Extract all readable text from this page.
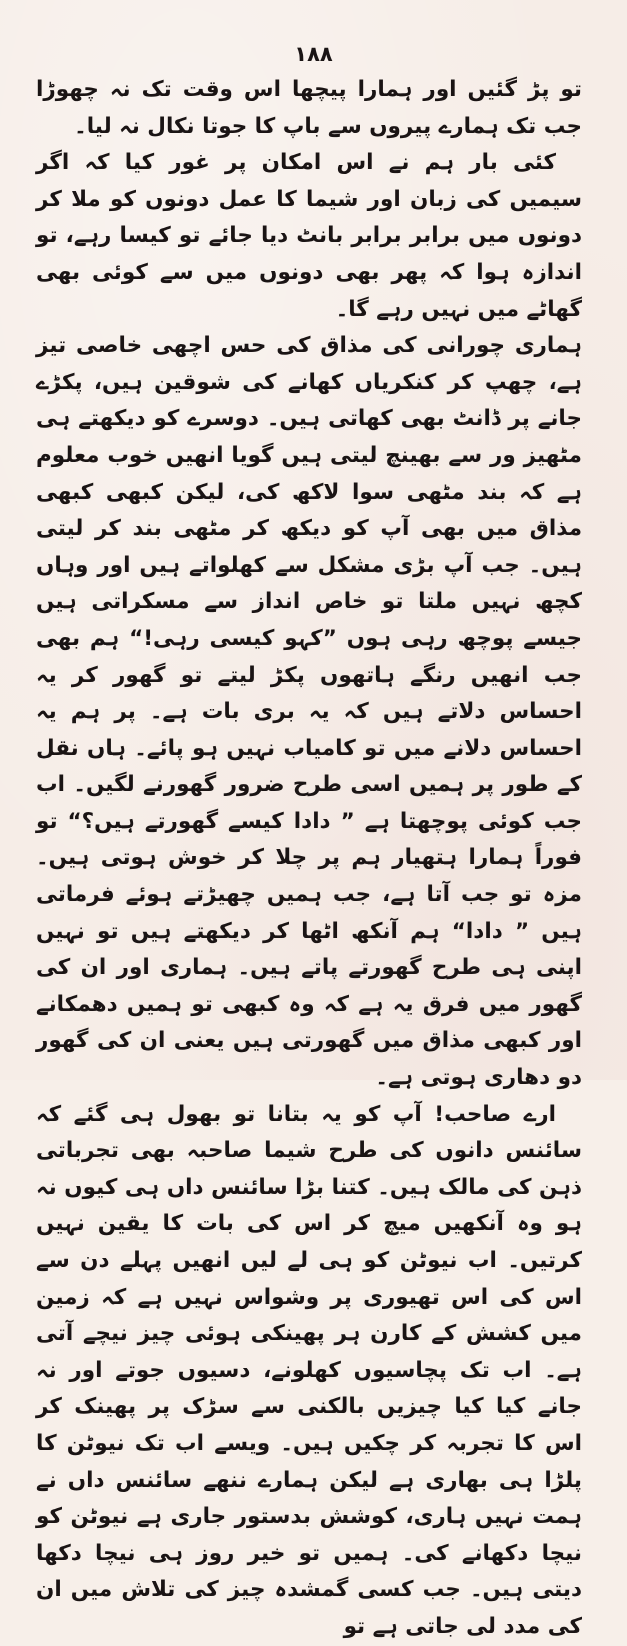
١٨٨

تو پڑ گئیں اور ہمارا پیچھا اس وقت تک نہ چھوڑا جب تک ہمارے پیروں سے باپ کا جوتا نکال نہ لیا۔

کئی بار ہم نے اس امکان پر غور کیا کہ اگر سیمیں کی زبان اور شیما کا عمل دونوں کو ملا کر دونوں میں برابر برابر بانٹ دیا جائے تو کیسا رہے، تو اندازہ ہوا کہ پھر بھی دونوں میں سے کوئی بھی گھاٹے میں نہیں رہے گا۔

ہماری چورانی کی مذاق کی حس اچھی خاصی تیز ہے، چھپ کر کنکریاں کھانے کی شوقین ہیں، پکڑے جانے پر ڈانٹ بھی کھاتی ہیں۔ دوسرے کو دیکھتے ہی مٹھیز ور سے بھینچ لیتی ہیں گویا انھیں خوب معلوم ہے کہ بند مٹھی سوا لاکھ کی، لیکن کبھی کبھی مذاق میں بھی آپ کو دیکھ کر مٹھی بند کر لیتی ہیں۔ جب آپ بڑی مشکل سے کھلواتے ہیں اور وہاں کچھ نہیں ملتا تو خاص انداز سے مسکراتی ہیں جیسے پوچھ رہی ہوں ”کہو کیسی رہی!“ ہم بھی جب انھیں رنگے ہاتھوں پکڑ لیتے تو گھور کر یہ احساس دلاتے ہیں کہ یہ بری بات ہے۔ پر ہم یہ احساس دلانے میں تو کامیاب نہیں ہو پائے۔ ہاں نقل کے طور پر ہمیں اسی طرح ضرور گھورنے لگیں۔ اب جب کوئی پوچھتا ہے ” دادا کیسے گھورتے ہیں؟“ تو فوراً ہمارا ہتھیار ہم پر چلا کر خوش ہوتی ہیں۔ مزہ تو جب آتا ہے، جب ہمیں چھیڑتے ہوئے فرماتی ہیں ” دادا“ ہم آنکھ اٹھا کر دیکھتے ہیں تو نہیں اپنی ہی طرح گھورتے پاتے ہیں۔ ہماری اور ان کی گھور میں فرق یہ ہے کہ وہ کبھی تو ہمیں دھمکانے اور کبھی مذاق میں گھورتی ہیں یعنی ان کی گھور دو دھاری ہوتی ہے۔

ارے صاحب! آپ کو یہ بتانا تو بھول ہی گئے کہ سائنس دانوں کی طرح شیما صاحبہ بھی تجرباتی ذہن کی مالک ہیں۔ کتنا بڑا سائنس داں ہی کیوں نہ ہو وہ آنکھیں میچ کر اس کی بات کا یقین نہیں کرتیں۔ اب نیوٹن کو ہی لے لیں انھیں پہلے دن سے اس کی اس تھیوری پر وشواس نہیں ہے کہ زمین میں کشش کے کارن ہر پھینکی ہوئی چیز نیچے آتی ہے۔ اب تک پچاسیوں کھلونے، دسیوں جوتے اور نہ جانے کیا کیا چیزیں بالکنی سے سڑک پر پھینک کر اس کا تجربہ کر چکیں ہیں۔ ویسے اب تک نیوٹن کا پلڑا ہی بھاری ہے لیکن ہمارے ننھے سائنس داں نے ہمت نہیں ہاری، کوشش بدستور جاری ہے نیوٹن کو نیچا دکھانے کی۔ ہمیں تو خیر روز ہی نیچا دکھا دیتی ہیں۔ جب کسی گمشدہ چیز کی تلاش میں ان کی مدد لی جاتی ہے تو
